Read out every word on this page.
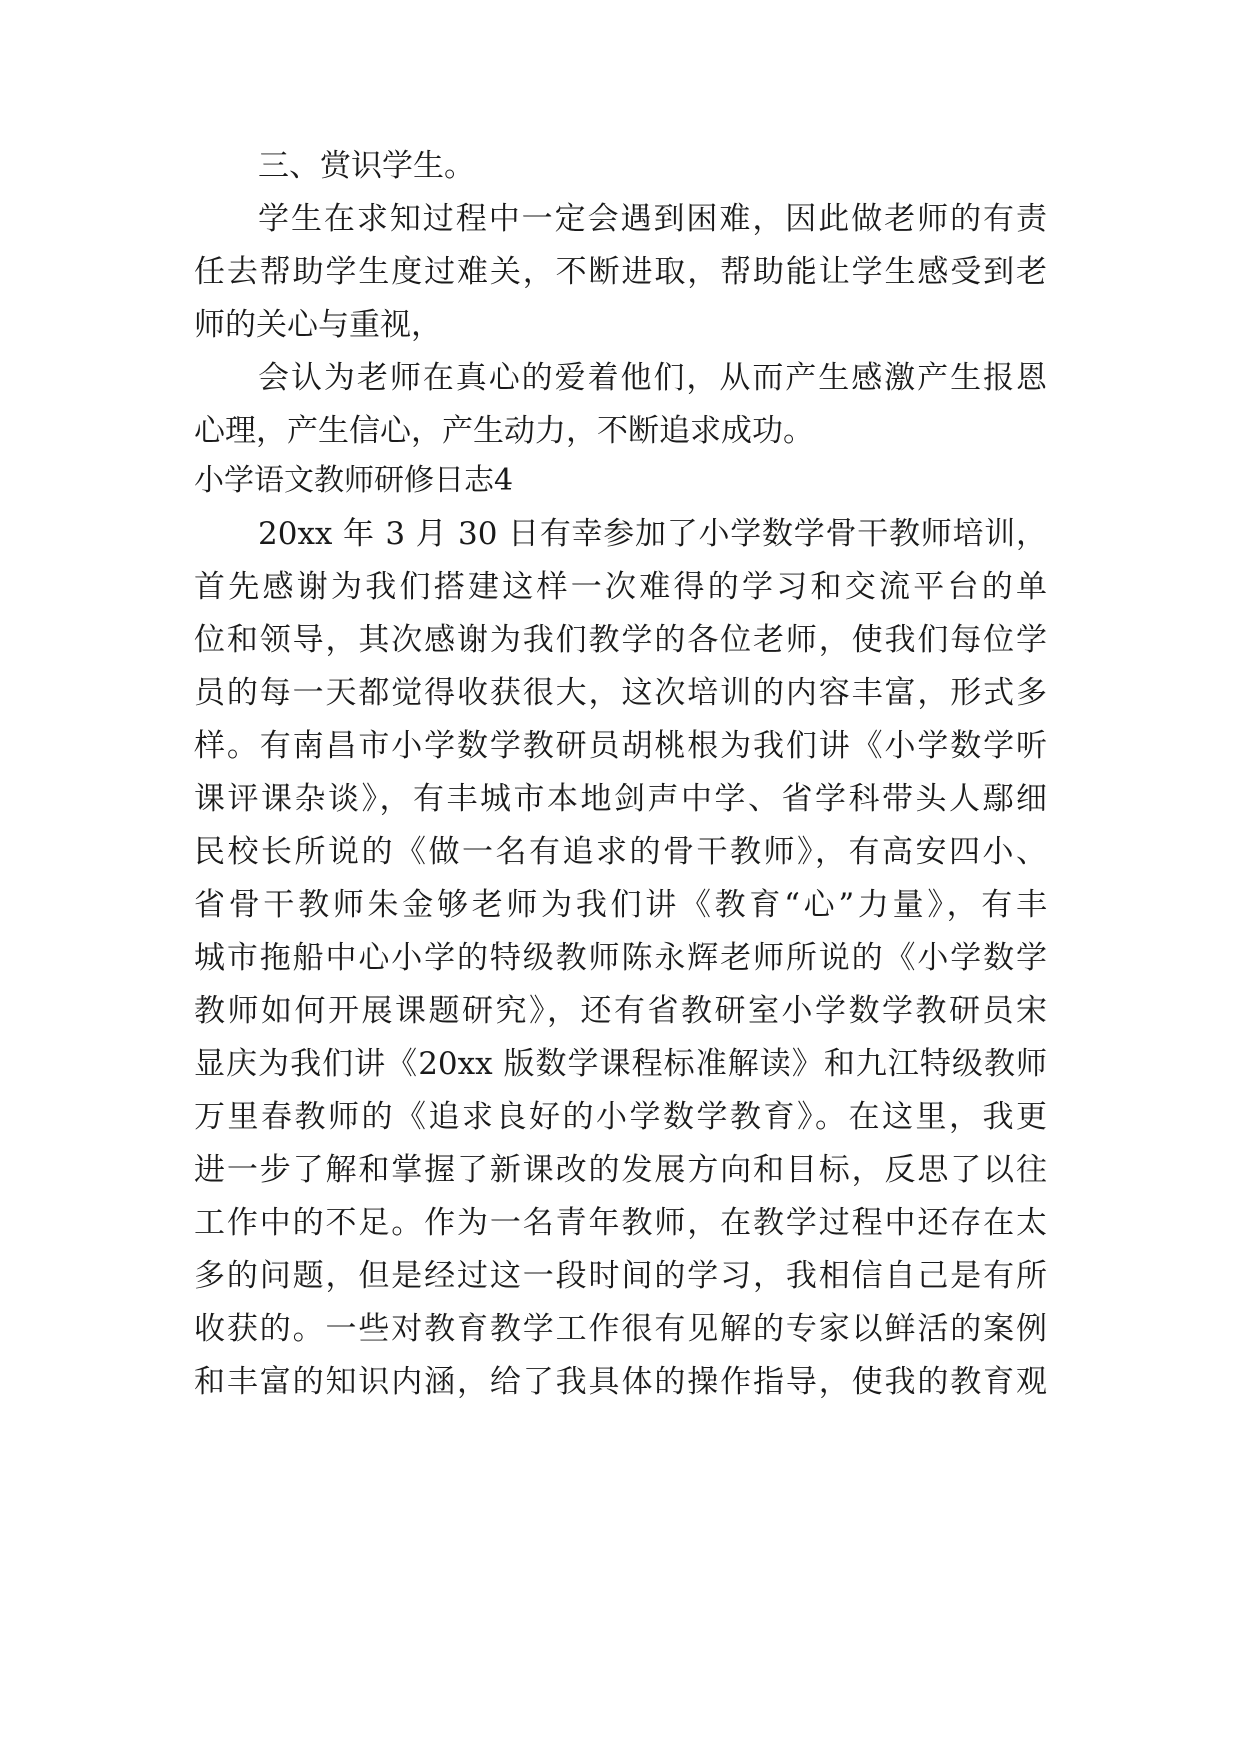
三、赏识学生。
学生在求知过程中一定会遇到困难，因此做老师的有责
任去帮助学生度过难关，不断进取，帮助能让学生感受到老
师的关心与重视，
会认为老师在真心的爱着他们，从而产生感激产生报恩
心理，产生信心，产生动力，不断追求成功。
小学语文教师研修日志4
20xx 年 3 月 30 日有幸参加了小学数学骨干教师培训，
首先感谢为我们搭建这样一次难得的学习和交流平台的单
位和领导，其次感谢为我们教学的各位老师，使我们每位学
员的每一天都觉得收获很大，这次培训的内容丰富，形式多
样。有南昌市小学数学教研员胡桃根为我们讲《小学数学听
课评课杂谈》，有丰城市本地剑声中学、省学科带头人鄢细
民校长所说的《做一名有追求的骨干教师》，有高安四小、
省骨干教师朱金够老师为我们讲《教育“心”力量》，有丰
城市拖船中心小学的特级教师陈永辉老师所说的《小学数学
教师如何开展课题研究》，还有省教研室小学数学教研员宋
显庆为我们讲《20xx 版数学课程标准解读》和九江特级教师
万里春教师的《追求良好的小学数学教育》。在这里，我更
进一步了解和掌握了新课改的发展方向和目标，反思了以往
工作中的不足。作为一名青年教师，在教学过程中还存在太
多的问题，但是经过这一段时间的学习，我相信自己是有所
收获的。一些对教育教学工作很有见解的专家以鲜活的案例
和丰富的知识内涵，给了我具体的操作指导，使我的教育观
